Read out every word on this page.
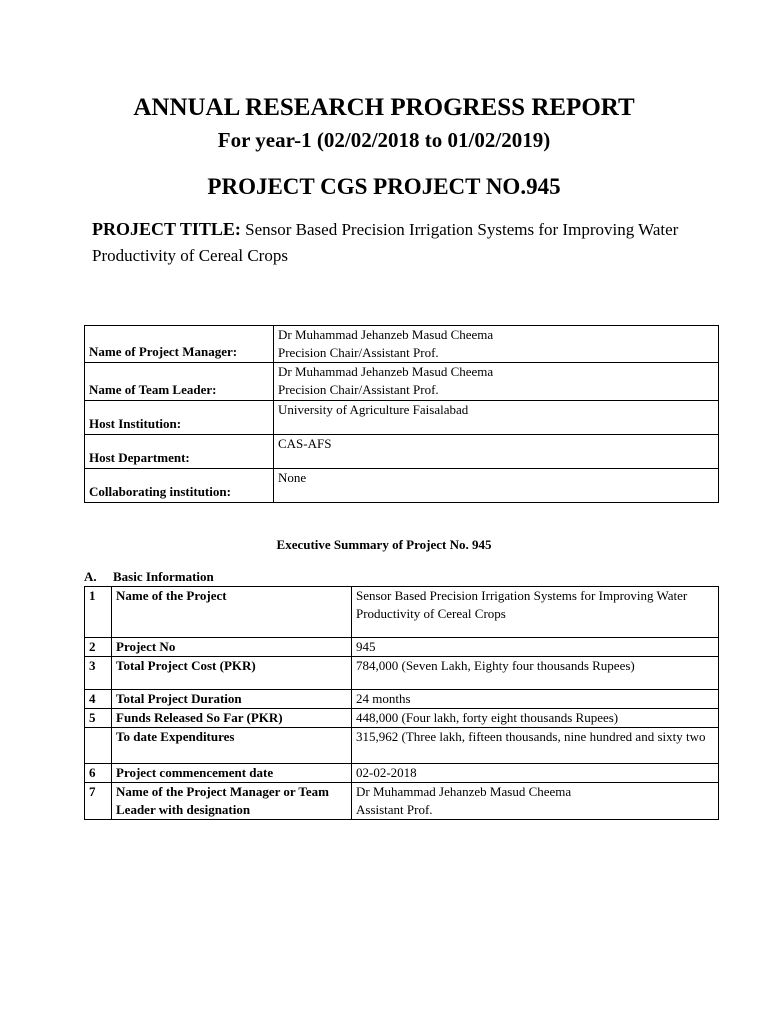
ANNUAL RESEARCH PROGRESS REPORT
For year-1 (02/02/2018 to 01/02/2019)
PROJECT CGS PROJECT NO.945
PROJECT TITLE: Sensor Based Precision Irrigation Systems for Improving Water Productivity of Cereal Crops
Name of Project Manager:	Dr Muhammad Jehanzeb Masud Cheema
Precision Chair/Assistant Prof.

Name of Team Leader:	Dr Muhammad Jehanzeb Masud Cheema
Precision Chair/Assistant Prof.

Host Institution:	University of Agriculture Faisalabad

Host Department:	CAS-AFS

Collaborating institution:	None
Executive Summary of Project No. 945
A. Basic Information
1	Name of the Project	Sensor Based Precision Irrigation Systems for Improving Water Productivity of Cereal Crops
2	Project No	945
3	Total Project Cost (PKR)	784,000 (Seven Lakh, Eighty four thousands Rupees)
4	Total Project Duration	24 months
5	Funds Released So Far (PKR)	448,000 (Four lakh, forty eight thousands Rupees)
	To date Expenditures	315,962 (Three lakh, fifteen thousands, nine hundred and sixty two
6	Project commencement date	02-02-2018
7	Name of the Project Manager or Team Leader with designation	Dr Muhammad Jehanzeb Masud Cheema
Assistant Prof.
